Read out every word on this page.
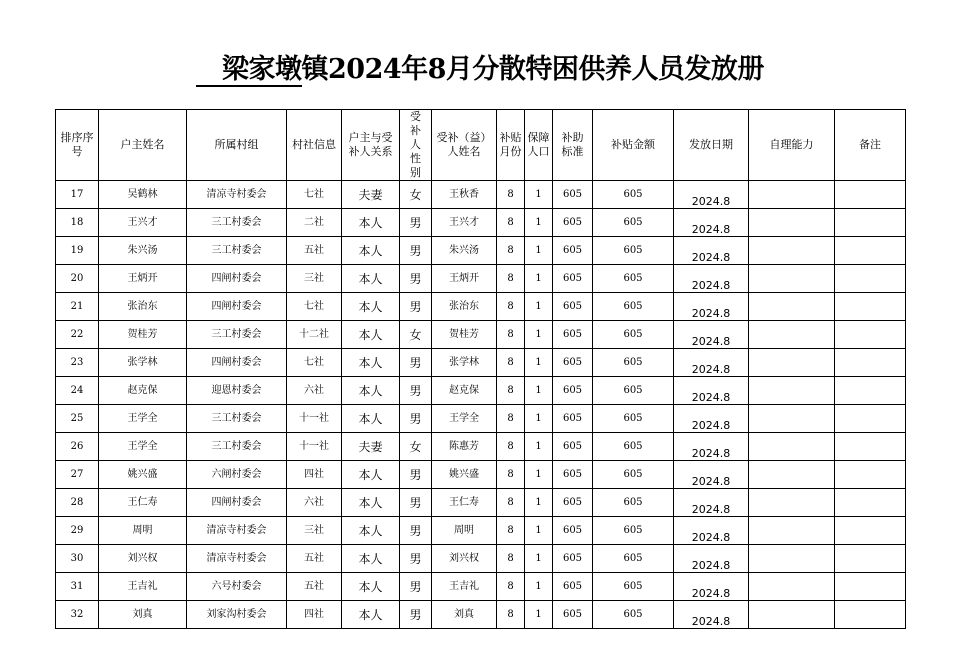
梁家墩镇2024年8月分散特困供养人员发放册
排序序号	户主姓名	所属村组	村社信息	户主与受补人关系	受补人性别	受补（益）人姓名	补贴月份	保障人口	补助标准	补贴金额	发放日期	自理能力	备注
17	吴鹤林	清凉寺村委会	七社	夫妻	女	王秋香	8	1	605	605	2024.8		

18	王兴才	三工村委会	二社	本人	男	王兴才	8	1	605	605	2024.8		

19	朱兴汤	三工村委会	五社	本人	男	朱兴汤	8	1	605	605	2024.8		

20	王炳开	四闸村委会	三社	本人	男	王炳开	8	1	605	605	2024.8		

21	张治东	四闸村委会	七社	本人	男	张治东	8	1	605	605	2024.8		

22	贺桂芳	三工村委会	十二社	本人	女	贺桂芳	8	1	605	605	2024.8		

23	张学林	四闸村委会	七社	本人	男	张学林	8	1	605	605	2024.8		

24	赵克保	迎恩村委会	六社	本人	男	赵克保	8	1	605	605	2024.8		

25	王学全	三工村委会	十一社	本人	男	王学全	8	1	605	605	2024.8		

26	王学全	三工村委会	十一社	夫妻	女	陈惠芳	8	1	605	605	2024.8		

27	姚兴盛	六闸村委会	四社	本人	男	姚兴盛	8	1	605	605	2024.8		

28	王仁寿	四闸村委会	六社	本人	男	王仁寿	8	1	605	605	2024.8		

29	周明	清凉寺村委会	三社	本人	男	周明	8	1	605	605	2024.8		

30	刘兴权	清凉寺村委会	五社	本人	男	刘兴权	8	1	605	605	2024.8		

31	王吉礼	六号村委会	五社	本人	男	王吉礼	8	1	605	605	2024.8		

32	刘真	刘家沟村委会	四社	本人	男	刘真	8	1	605	605	2024.8		
